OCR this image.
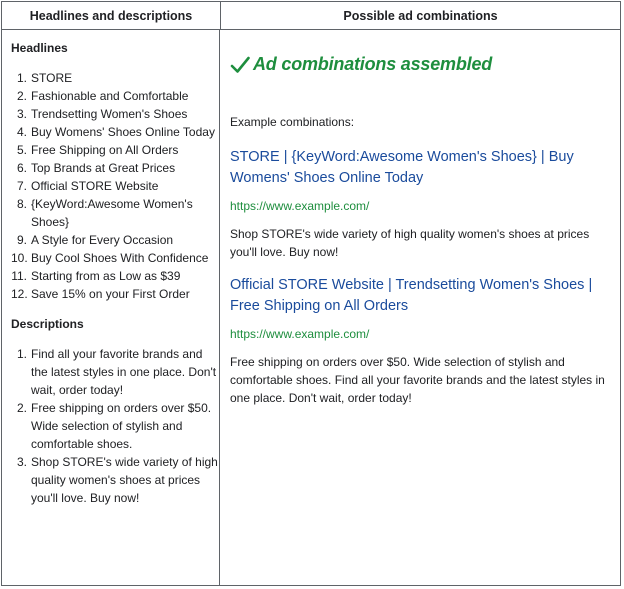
Headlines and descriptions	Possible ad combinations
Headlines
1. STORE
2. Fashionable and Comfortable
3. Trendsetting Women's Shoes
4. Buy Womens' Shoes Online Today
5. Free Shipping on All Orders
6. Top Brands at Great Prices
7. Official STORE Website
8. {KeyWord:Awesome Women's Shoes}
9. A Style for Every Occasion
10. Buy Cool Shoes With Confidence
11. Starting from as Low as $39
12. Save 15% on your First Order
Descriptions
1. Find all your favorite brands and the latest styles in one place. Don't wait, order today!
2. Free shipping on orders over $50. Wide selection of stylish and comfortable shoes.
3. Shop STORE's wide variety of high quality women's shoes at prices you'll love. Buy now!
Ad combinations assembled
Example combinations:

STORE | {KeyWord:Awesome Women's Shoes} | Buy Womens' Shoes Online Today

https://www.example.com/
Shop STORE's wide variety of high quality women's shoes at prices you'll love. Buy now!

Official STORE Website | Trendsetting Women's Shoes | Free Shipping on All Orders

https://www.example.com/
Free shipping on orders over $50. Wide selection of stylish and comfortable shoes. Find all your favorite brands and the latest styles in one place. Don't wait, order today!
